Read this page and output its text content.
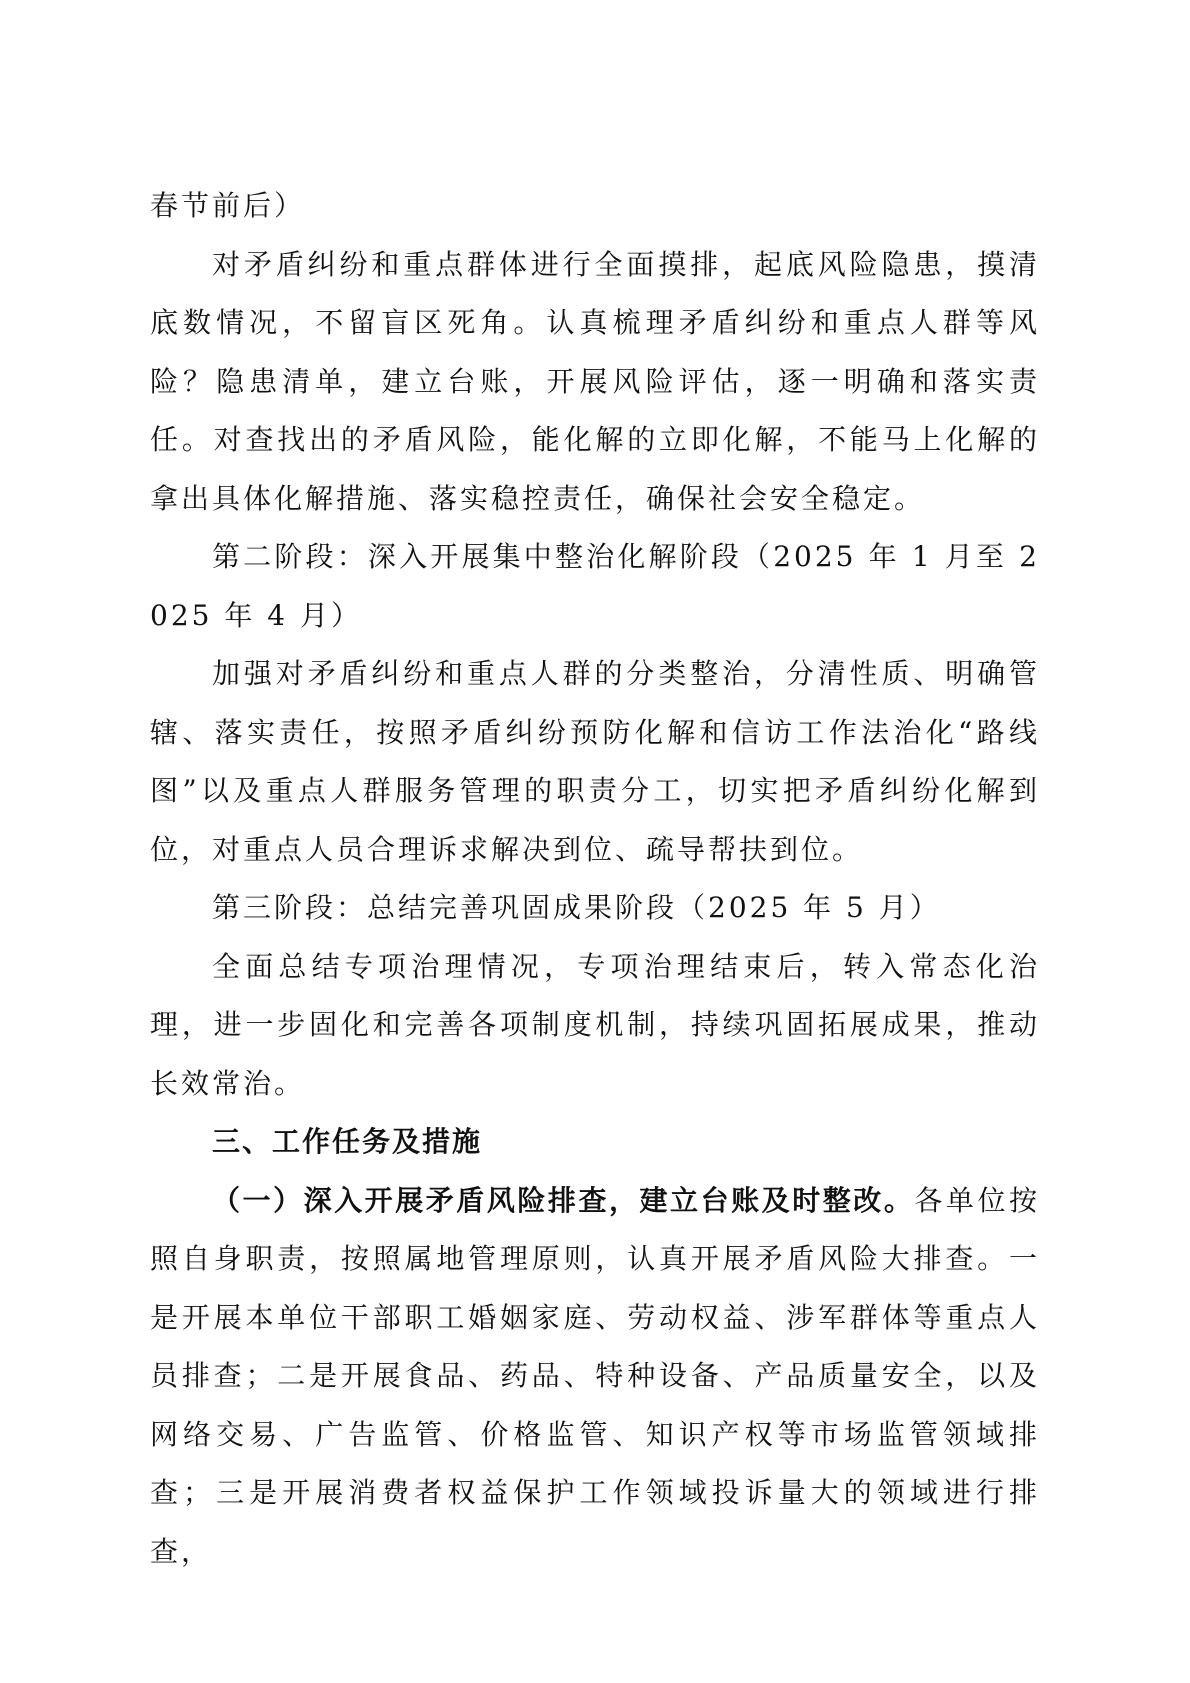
春节前后）

对矛盾纠纷和重点群体进行全面摸排，起底风险隐患，摸清底数情况，不留盲区死角。认真梳理矛盾纠纷和重点人群等风险？隐患清单，建立台账，开展风险评估，逐一明确和落实责任。对查找出的矛盾风险，能化解的立即化解，不能马上化解的拿出具体化解措施、落实稳控责任，确保社会安全稳定。

第二阶段：深入开展集中整治化解阶段（2025 年 1 月至 2025 年 4 月）

加强对矛盾纠纷和重点人群的分类整治，分清性质、明确管辖、落实责任，按照矛盾纠纷预防化解和信访工作法治化“路线图”以及重点人群服务管理的职责分工，切实把矛盾纠纷化解到位，对重点人员合理诉求解决到位、疏导帮扶到位。

第三阶段：总结完善巩固成果阶段（2025 年 5 月）

全面总结专项治理情况，专项治理结束后，转入常态化治理，进一步固化和完善各项制度机制，持续巩固拓展成果，推动长效常治。

三、工作任务及措施

（一）深入开展矛盾风险排查，建立台账及时整改。各单位按照自身职责，按照属地管理原则，认真开展矛盾风险大排查。一是开展本单位干部职工婚姻家庭、劳动权益、涉军群体等重点人员排查；二是开展食品、药品、特种设备、产品质量安全，以及网络交易、广告监管、价格监管、知识产权等市场监管领域排查；三是开展消费者权益保护工作领域投诉量大的领域进行排查，
